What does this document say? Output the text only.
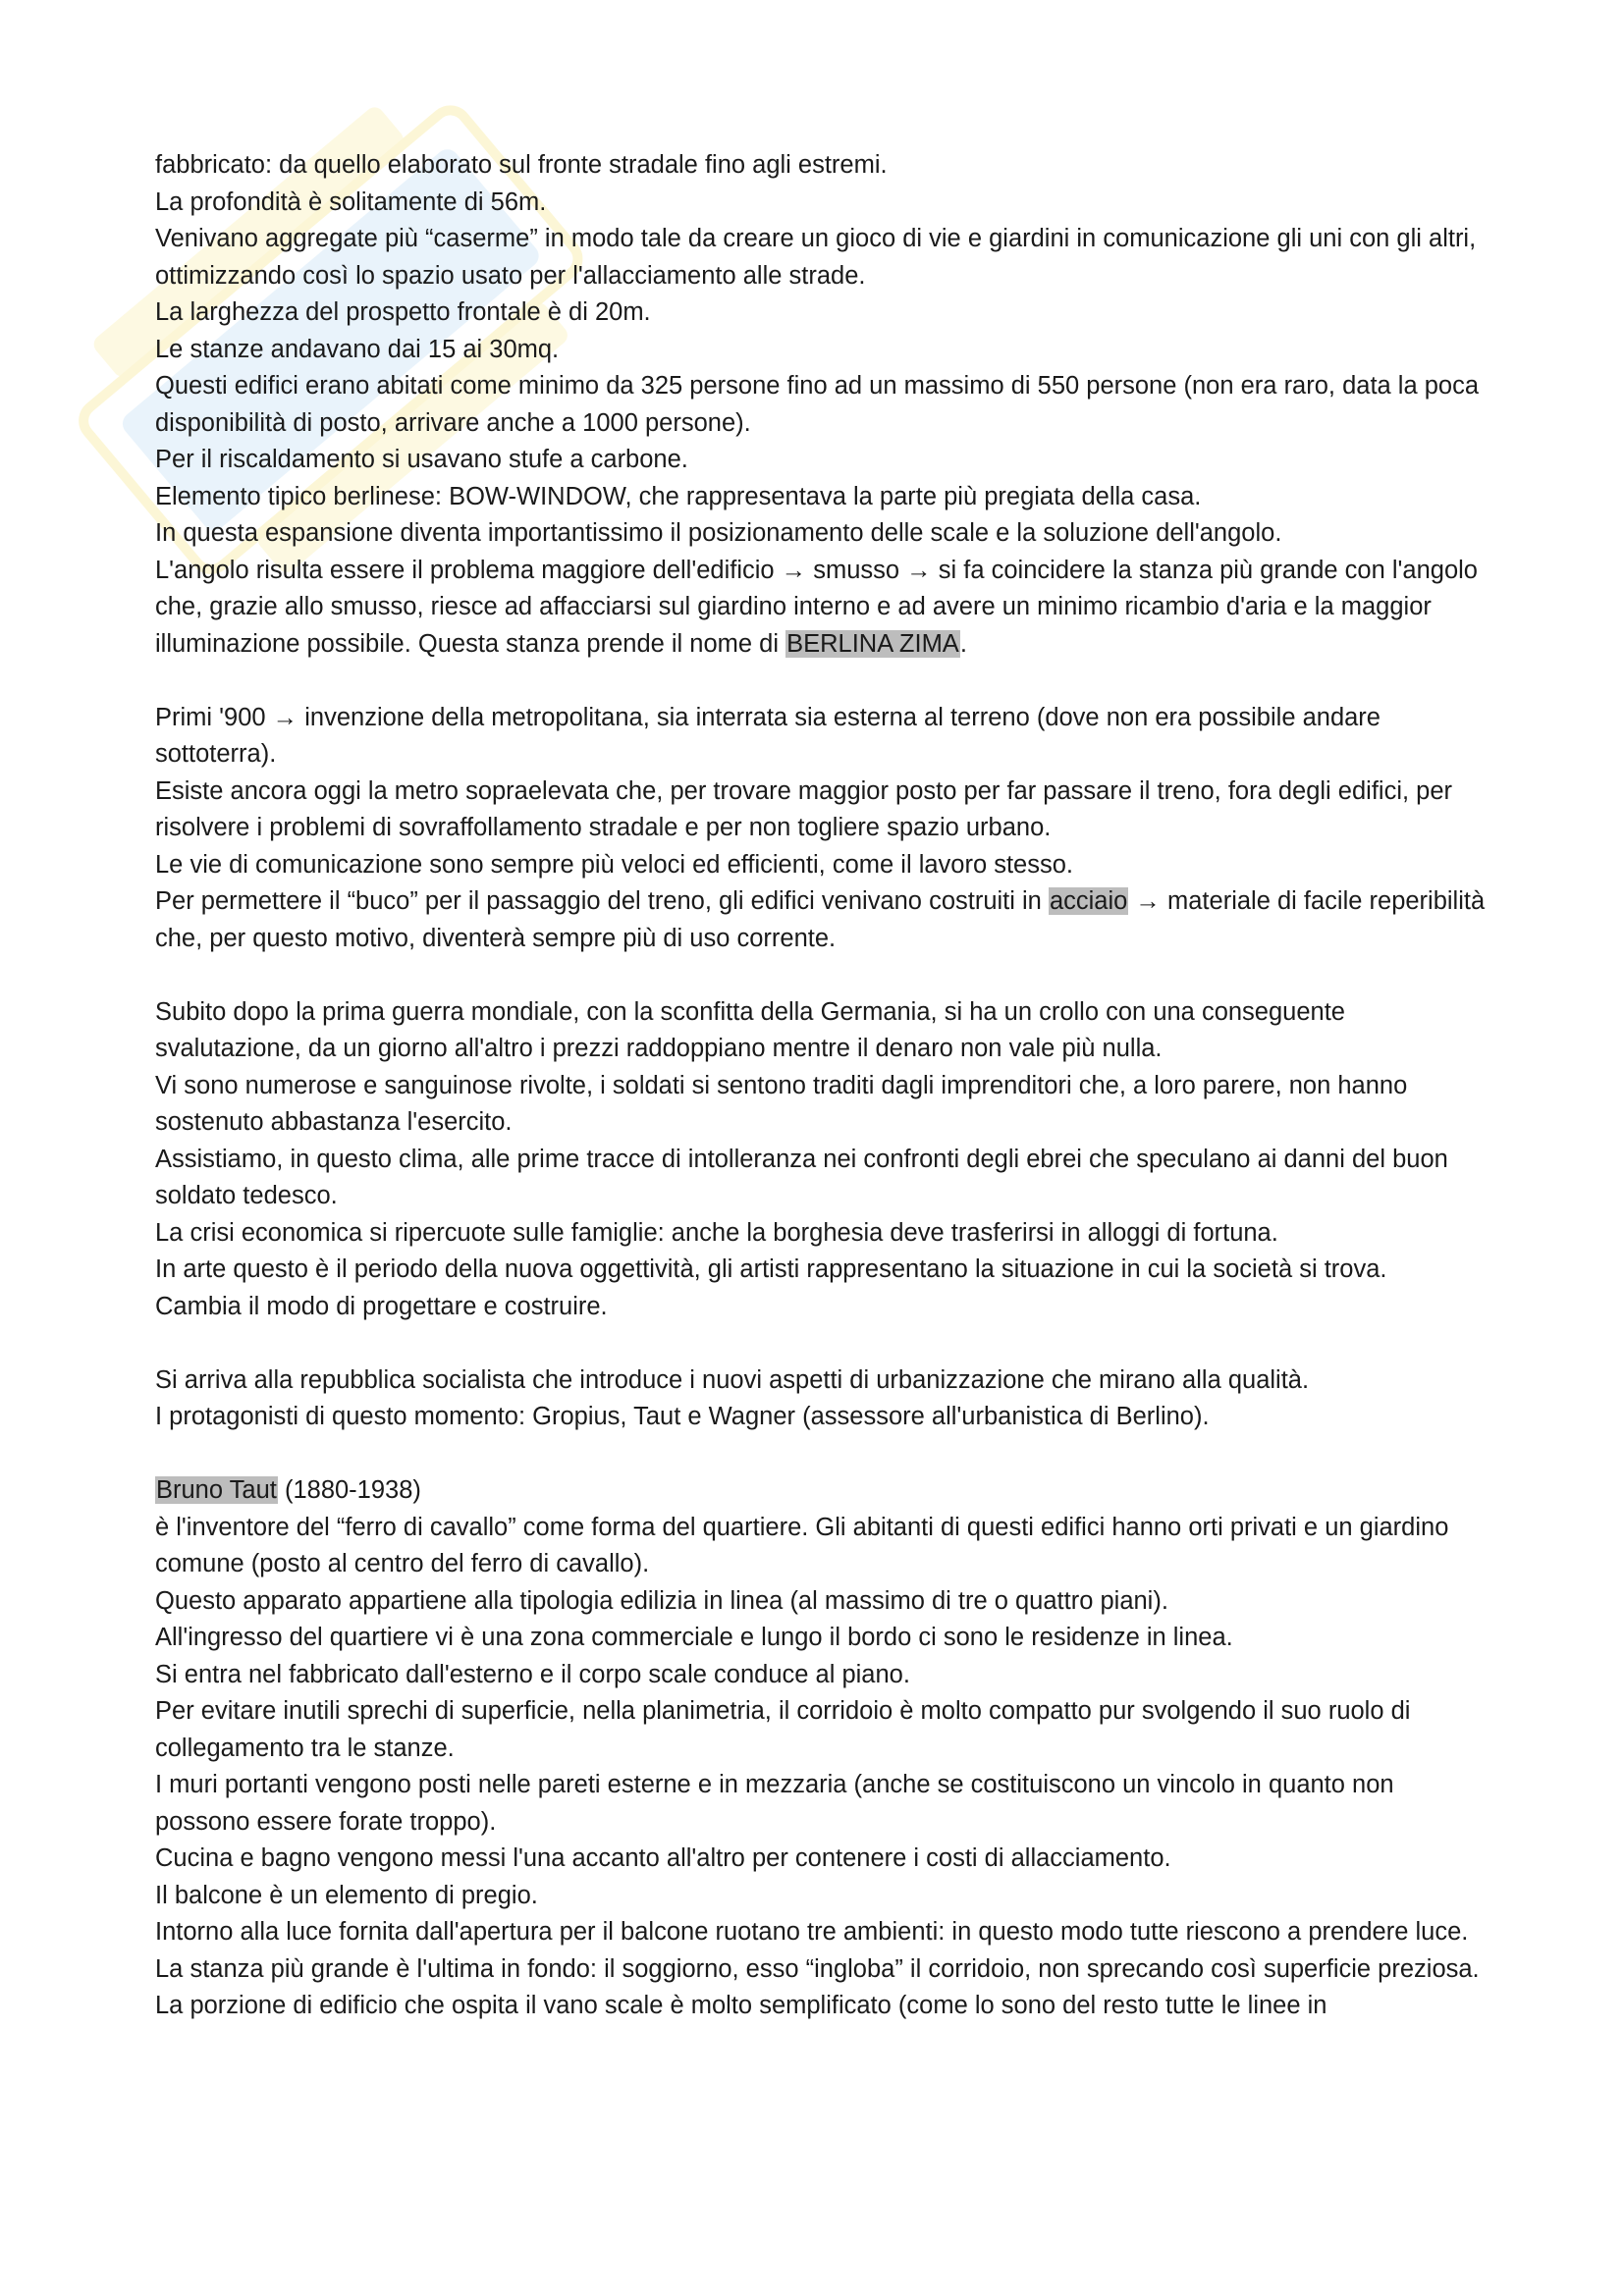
fabbricato: da quello elaborato sul fronte stradale fino agli estremi.

La profondità è solitamente di 56m.

Venivano aggregate più “caserme” in modo tale da creare un gioco di vie e giardini in comunicazione gli uni con gli altri, ottimizzando così lo spazio usato per l'allacciamento alle strade.

La larghezza del prospetto frontale è di 20m.

Le stanze andavano dai 15 ai 30mq.

Questi edifici erano abitati come minimo da 325 persone fino ad un massimo di 550 persone (non era raro, data la poca disponibilità di posto, arrivare anche a 1000 persone).

Per il riscaldamento si usavano stufe a carbone.

Elemento tipico berlinese: BOW-WINDOW, che rappresentava la parte più pregiata della casa.

In questa espansione diventa importantissimo il posizionamento delle scale e la soluzione dell'angolo.

L'angolo risulta essere il problema maggiore dell'edificio → smusso → si fa coincidere la stanza più grande con l'angolo che, grazie allo smusso, riesce ad affacciarsi sul giardino interno e ad avere un minimo ricambio d'aria e la maggior illuminazione possibile. Questa stanza prende il nome di BERLINA ZIMA.

Primi '900 → invenzione della metropolitana, sia interrata sia esterna al terreno (dove non era possibile andare sottoterra).

Esiste ancora oggi la metro sopraelevata che, per trovare maggior posto per far passare il treno, fora degli edifici, per risolvere i problemi di sovraffollamento stradale e per non togliere spazio urbano.

Le vie di comunicazione sono sempre più veloci ed efficienti, come il lavoro stesso.

Per permettere il “buco” per il passaggio del treno, gli edifici venivano costruiti in acciaio → materiale di facile reperibilità che, per questo motivo, diventerà sempre più di uso corrente.

Subito dopo la prima guerra mondiale, con la sconfitta della Germania, si ha un crollo con una conseguente svalutazione, da un giorno all'altro i prezzi raddoppiano mentre il denaro non vale più nulla.

Vi sono numerose e sanguinose rivolte, i soldati si sentono traditi dagli imprenditori che, a loro parere, non hanno sostenuto abbastanza l'esercito.

Assistiamo, in questo clima, alle prime tracce di intolleranza nei confronti degli ebrei che speculano ai danni del buon soldato tedesco.

La crisi economica si ripercuote sulle famiglie: anche la borghesia deve trasferirsi in alloggi di fortuna.

In arte questo è il periodo della nuova oggettività, gli artisti rappresentano la situazione in cui la società si trova.

Cambia il modo di progettare e costruire.

Si arriva alla repubblica socialista che introduce i nuovi aspetti di urbanizzazione che mirano alla qualità.

I protagonisti di questo momento: Gropius, Taut e Wagner (assessore all'urbanistica di Berlino).

Bruno Taut (1880-1938)

è l'inventore del “ferro di cavallo” come forma del quartiere. Gli abitanti di questi edifici hanno orti privati e un giardino comune (posto al centro del ferro di cavallo).

Questo apparato appartiene alla tipologia edilizia in linea (al massimo di tre o quattro piani).

All'ingresso del quartiere vi è una zona commerciale e lungo il bordo ci sono le residenze in linea.

Si entra nel fabbricato dall'esterno e il corpo scale conduce al piano.

Per evitare inutili sprechi di superficie, nella planimetria, il corridoio è molto compatto pur svolgendo il suo ruolo di collegamento tra le stanze.

I muri portanti vengono posti nelle pareti esterne e in mezzaria (anche se costituiscono un vincolo in quanto non possono essere forate troppo).

Cucina e bagno vengono messi l'una accanto all'altro per contenere i costi di allacciamento.

Il balcone è un elemento di pregio.

Intorno alla luce fornita dall'apertura per il balcone ruotano tre ambienti: in questo modo tutte riescono a prendere luce.

La stanza più grande è l'ultima in fondo: il soggiorno, esso “ingloba” il corridoio, non sprecando così superficie preziosa.

La porzione di edificio che ospita il vano scale è molto semplificato (come lo sono del resto tutte le linee in
